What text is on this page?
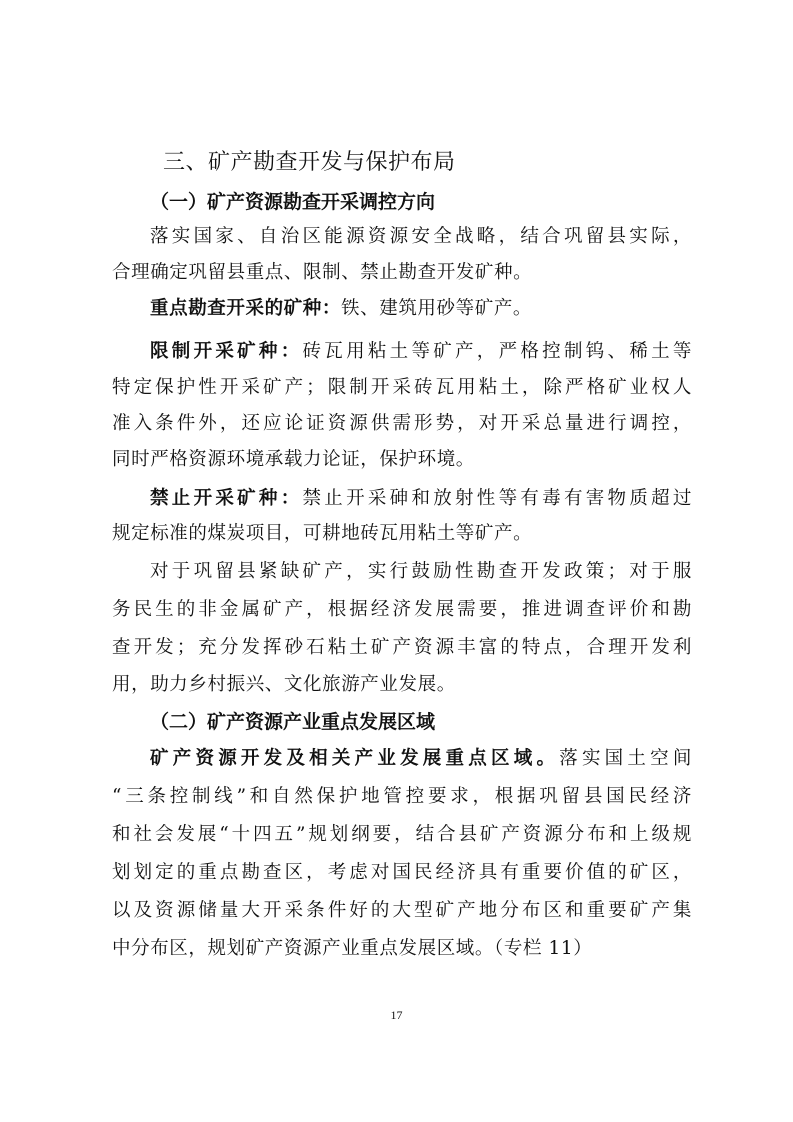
三、矿产勘查开发与保护布局
（一）矿产资源勘查开采调控方向
落实国家、自治区能源资源安全战略，结合巩留县实际，
合理确定巩留县重点、限制、禁止勘查开发矿种。
重点勘查开采的矿种：铁、建筑用砂等矿产。
限制开采矿种：砖瓦用粘土等矿产，严格控制钨、稀土等
特定保护性开采矿产；限制开采砖瓦用粘土，除严格矿业权人
准入条件外，还应论证资源供需形势，对开采总量进行调控，
同时严格资源环境承载力论证，保护环境。
禁止开采矿种：禁止开采砷和放射性等有毒有害物质超过
规定标准的煤炭项目，可耕地砖瓦用粘土等矿产。
对于巩留县紧缺矿产，实行鼓励性勘查开发政策；对于服
务民生的非金属矿产，根据经济发展需要，推进调查评价和勘
查开发；充分发挥砂石粘土矿产资源丰富的特点，合理开发利
用，助力乡村振兴、文化旅游产业发展。
（二）矿产资源产业重点发展区域
矿产资源开发及相关产业发展重点区域。落实国土空间
“三条控制线”和自然保护地管控要求，根据巩留县国民经济
和社会发展“十四五”规划纲要，结合县矿产资源分布和上级规
划划定的重点勘查区，考虑对国民经济具有重要价值的矿区，
以及资源储量大开采条件好的大型矿产地分布区和重要矿产集
中分布区，规划矿产资源产业重点发展区域。（专栏 11）
17
